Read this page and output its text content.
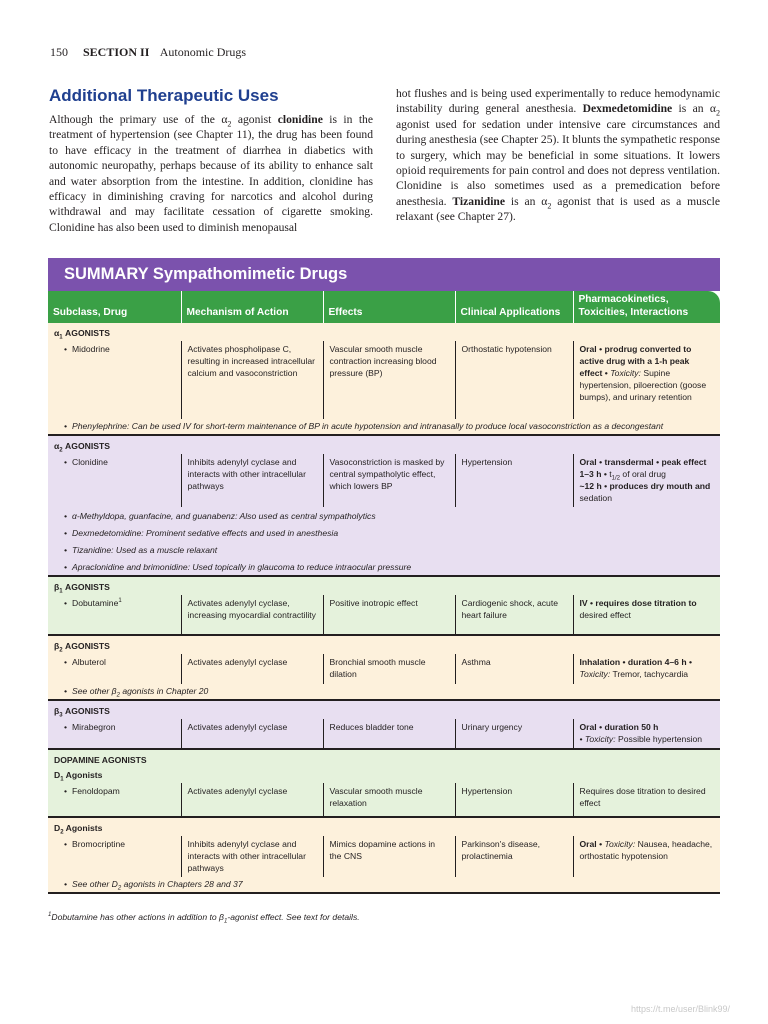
150 SECTION II Autonomic Drugs
Additional Therapeutic Uses

Although the primary use of the $\alpha_2$ agonist clonidine is in the treatment of hypertension (see Chapter 11), the drug has been found to have efficacy in the treatment of diarrhea in diabetics with autonomic neuropathy, perhaps because of its ability to enhance salt and water absorption from the intestine. In addition, clonidine has efficacy in diminishing craving for narcotics and alcohol during withdrawal and may facilitate cessation of cigarette smoking. Clonidine has also been used to diminish menopausal

hot flushes and is being used experimentally to reduce hemodynamic instability during general anesthesia. Dexmedetomidine is an $\alpha_2$ agonist used for sedation under intensive care circumstances and during anesthesia (see Chapter 25). It blunts the sympathetic response to surgery, which may be beneficial in some situations. It lowers opioid requirements for pain control and does not depress ventilation. Clonidine is also sometimes used as a premedication before anesthesia. Tizanidine is an $\alpha_2$ agonist that is used as a muscle relaxant (see Chapter 27).

SUMMARY Sympathomimetic Drugs
Subclass, Drug	Mechanism of Action	Effects	Clinical Applications	Pharmacokinetics, Toxicities, Interactions
$\alpha_1$ AGONISTS				
• Midodrine	Activates phospholipase C, resulting in increased intracellular calcium and vasoconstriction	Vascular smooth muscle contraction increasing blood pressure (BP)	Orthostatic hypotension	Oral • prodrug converted to active drug with a 1-h peak effect • Toxicity: Supine hypertension, piloerection (goose bumps), and urinary retention
• Phenylephrine: Can be used IV for short-term maintenance of BP in acute hypotension and intranasally to produce local vasoconstriction as a decongestant
$\alpha_2$ AGONISTS				
• Clonidine	Inhibits adenylyl cyclase and interacts with other intracellular pathways	Vasoconstriction is masked by central sympatholytic effect, which lowers BP	Hypertension	Oral • transdermal • peak effect 1–3 h • $t_{1/2}$ of oral drug
~12 h • produces dry mouth and sedation
• α-Methyldopa, guanfacine, and guanabenz: Also used as central sympatholytics
• Dexmedetomidine: Prominent sedative effects and used in anesthesia
• Tizanidine: Used as a muscle relaxant
• Apraclonidine and brimonidine: Used topically in glaucoma to reduce intraocular pressure
$\beta_1$ AGONISTS				
• Dobutamine$^1$	Activates adenylyl cyclase, increasing myocardial contractility	Positive inotropic effect	Cardiogenic shock, acute heart failure	IV • requires dose titration to desired effect
$\beta_2$ AGONISTS				
• Albuterol	Activates adenylyl cyclase	Bronchial smooth muscle dilation	Asthma	Inhalation • duration 4–6 h • Toxicity: Tremor, tachycardia
• See other $\beta_2$ agonists in Chapter 20
$\beta_3$ AGONISTS				
• Mirabegron	Activates adenylyl cyclase	Reduces bladder tone	Urinary urgency	Oral • duration 50 h
• Toxicity: Possible hypertension
DOPAMINE AGONISTS				
$D_1$ Agonists				
• Fenoldopam	Activates adenylyl cyclase	Vascular smooth muscle relaxation	Hypertension	Requires dose titration to desired effect
$D_2$ Agonists				
• Bromocriptine	Inhibits adenylyl cyclase and interacts with other intracellular pathways	Mimics dopamine actions in the CNS	Parkinson's disease, prolactinemia	Oral • Toxicity: Nausea, headache, orthostatic hypotension
• See other $D_2$ agonists in Chapters 28 and 37
$^1$Dobutamine has other actions in addition to $\beta_1$-agonist effect. See text for details.
https://t.me/user/Blink99/
